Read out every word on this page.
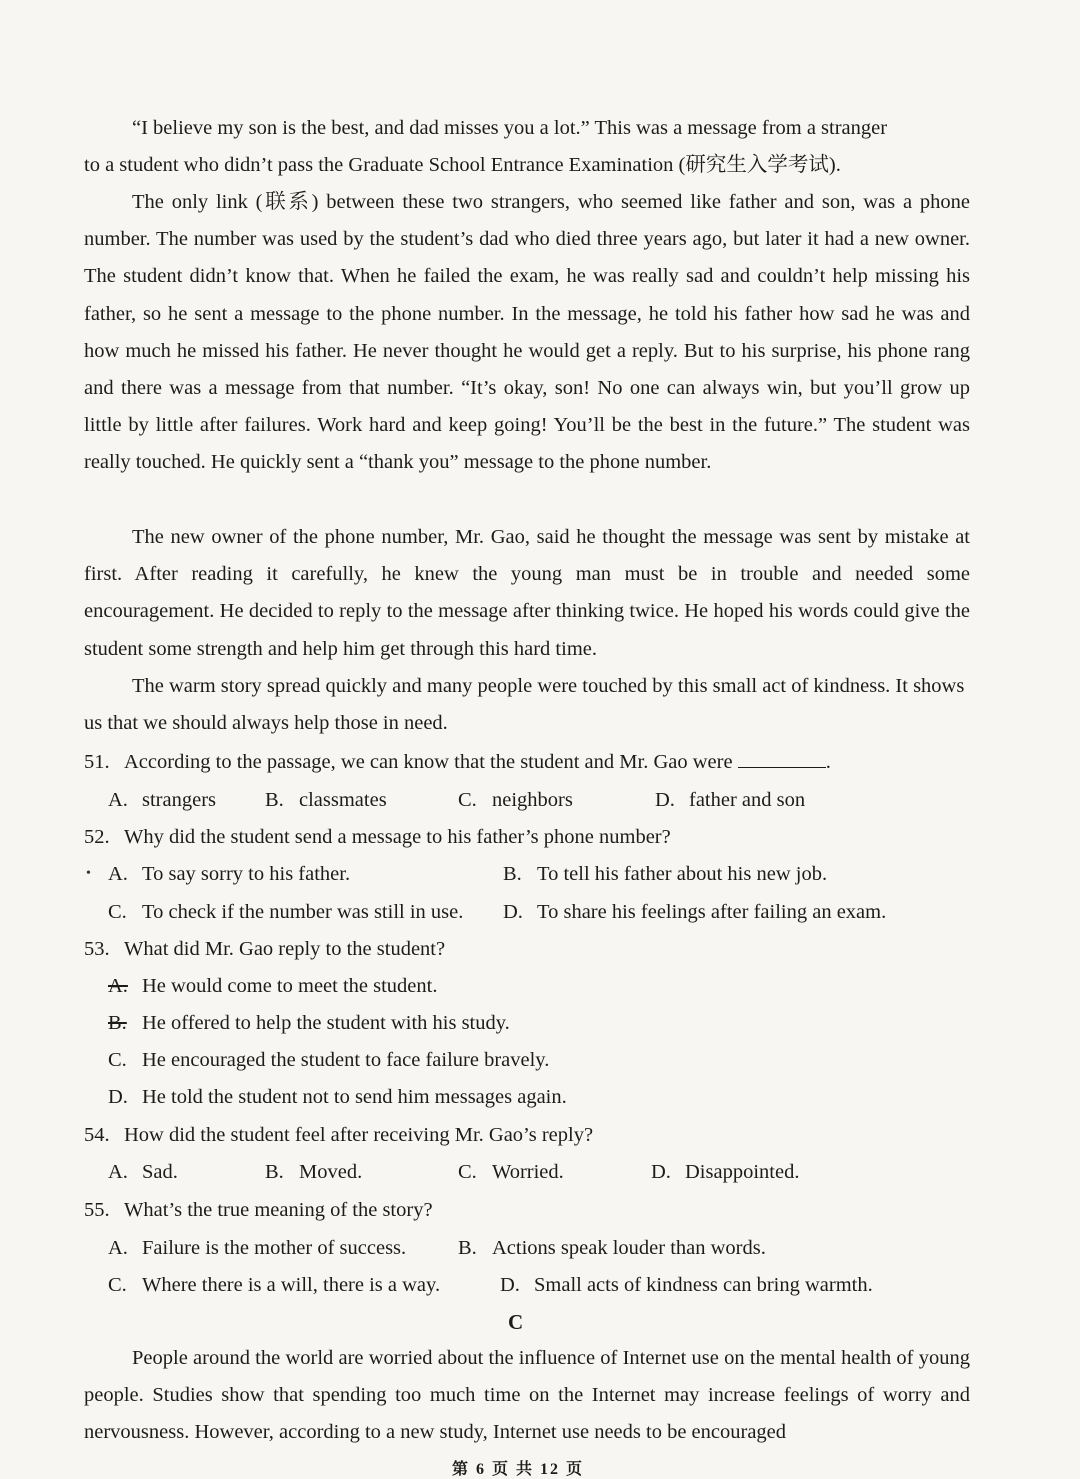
“I believe my son is the best, and dad misses you a lot.” This was a message from a stranger
to a student who didn’t pass the Graduate School Entrance Examination (研究生入学考试).

The only link (联系) between these two strangers, who seemed like father and son, was a phone number. The number was used by the student’s dad who died three years ago, but later it had a new owner. The student didn’t know that. When he failed the exam, he was really sad and couldn’t help missing his father, so he sent a message to the phone number. In the message, he told his father how sad he was and how much he missed his father. He never thought he would get a reply. But to his surprise, his phone rang and there was a message from that number. “It’s okay, son! No one can always win, but you’ll grow up little by little after failures. Work hard and keep going! You’ll be the best in the future.” The student was really touched. He quickly sent a “thank you” message to the phone number.

The new owner of the phone number, Mr. Gao, said he thought the message was sent by mistake at first. After reading it carefully, he knew the young man must be in trouble and needed some encouragement. He decided to reply to the message after thinking twice. He hoped his words could give the student some strength and help him get through this hard time.

The warm story spread quickly and many people were touched by this small act of kindness. It shows us that we should always help those in need.

51. According to the passage, we can know that the student and Mr. Gao were	.

A. strangers B. classmates	C. neighbors	D. father and son

52. Why did the student send a message to his father’s phone number?

• A. To say sorry to his father.	B. To tell his father about his new job.
C. To check if the number was still in use. D. To share his feelings after failing an exam.

53. What did Mr. Gao reply to the student?

A. He would come to meet the student.
B. He offered to help the student with his study.
C. He encouraged the student to face failure bravely.
D. He told the student not to send him messages again.

54. How did the student feel after receiving Mr. Gao’s reply?

A. Sad.	B. Moved.	C. Worried.	D. Disappointed.

55. What’s the true meaning of the story?

A. Failure is the mother of success.	B. Actions speak louder than words.
C. Where there is a will, there is a way.	D. Small acts of kindness can bring warmth.
C

People around the world are worried about the influence of Internet use on the mental health of young people. Studies show that spending too much time on the Internet may increase feelings of worry and nervousness. However, according to a new study, Internet use needs to be encouraged

第 6 页 共 12 页
